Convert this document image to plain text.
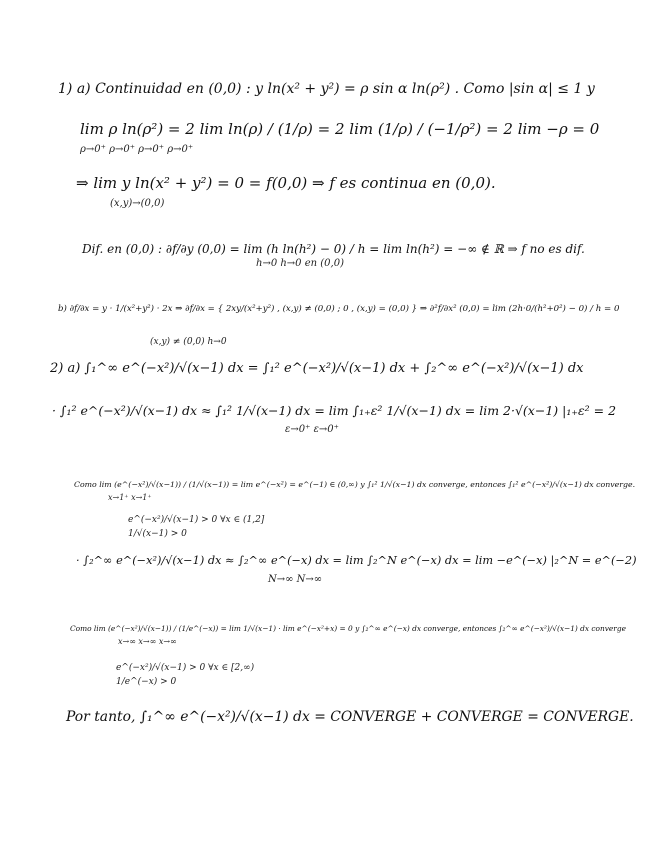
1) a) Continuidad en (0,0) : y ln(x² + y²) = ρ sin α ln(ρ²) . Como |sin α| ≤ 1 y
lim ρ ln(ρ²) = 2 lim ln(ρ) / (1/ρ) = 2 lim (1/ρ) / (−1/ρ²) = 2 lim −ρ = 0
ρ→0⁺ ρ→0⁺ ρ→0⁺ ρ→0⁺
⇒ lim y ln(x² + y²) = 0 = f(0,0) ⇒ f es continua en (0,0).
(x,y)→(0,0)
Dif. en (0,0) : ∂f/∂y (0,0) = lim (h ln(h²) − 0) / h = lim ln(h²) = −∞ ∉ ℝ ⇒ f no es dif.
h→0 h→0 en (0,0)
b) ∂f/∂x = y · 1/(x²+y²) · 2x ⇒ ∂f/∂x = { 2xy/(x²+y²) , (x,y) ≠ (0,0) ; 0 , (x,y) = (0,0) } ⇒ ∂²f/∂x² (0,0) = lim (2h·0/(h²+0²) − 0) / h = 0
(x,y) ≠ (0,0) h→0
2) a) ∫₁^∞ e^(−x²)/√(x−1) dx = ∫₁² e^(−x²)/√(x−1) dx + ∫₂^∞ e^(−x²)/√(x−1) dx
· ∫₁² e^(−x²)/√(x−1) dx ≈ ∫₁² 1/√(x−1) dx = lim ∫₁₊ε² 1/√(x−1) dx = lim 2·√(x−1) |₁₊ε² = 2
ε→0⁺ ε→0⁺
Como lim (e^(−x²)/√(x−1)) / (1/√(x−1)) = lim e^(−x²) = e^(−1) ∈ (0,∞) y ∫₁² 1/√(x−1) dx converge, entonces ∫₁² e^(−x²)/√(x−1) dx converge.
x→1⁺ x→1⁺
e^(−x²)/√(x−1) > 0 ∀x ∈ (1,2]
1/√(x−1) > 0
· ∫₂^∞ e^(−x²)/√(x−1) dx ≈ ∫₂^∞ e^(−x) dx = lim ∫₂^N e^(−x) dx = lim −e^(−x) |₂^N = e^(−2)
N→∞ N→∞
Como lim (e^(−x²)/√(x−1)) / (1/e^(−x)) = lim 1/√(x−1) · lim e^(−x²+x) = 0 y ∫₂^∞ e^(−x) dx converge, entonces ∫₂^∞ e^(−x²)/√(x−1) dx converge
x→∞ x→∞ x→∞
e^(−x²)/√(x−1) > 0 ∀x ∈ [2,∞)
1/e^(−x) > 0
Por tanto, ∫₁^∞ e^(−x²)/√(x−1) dx = CONVERGE + CONVERGE = CONVERGE.
